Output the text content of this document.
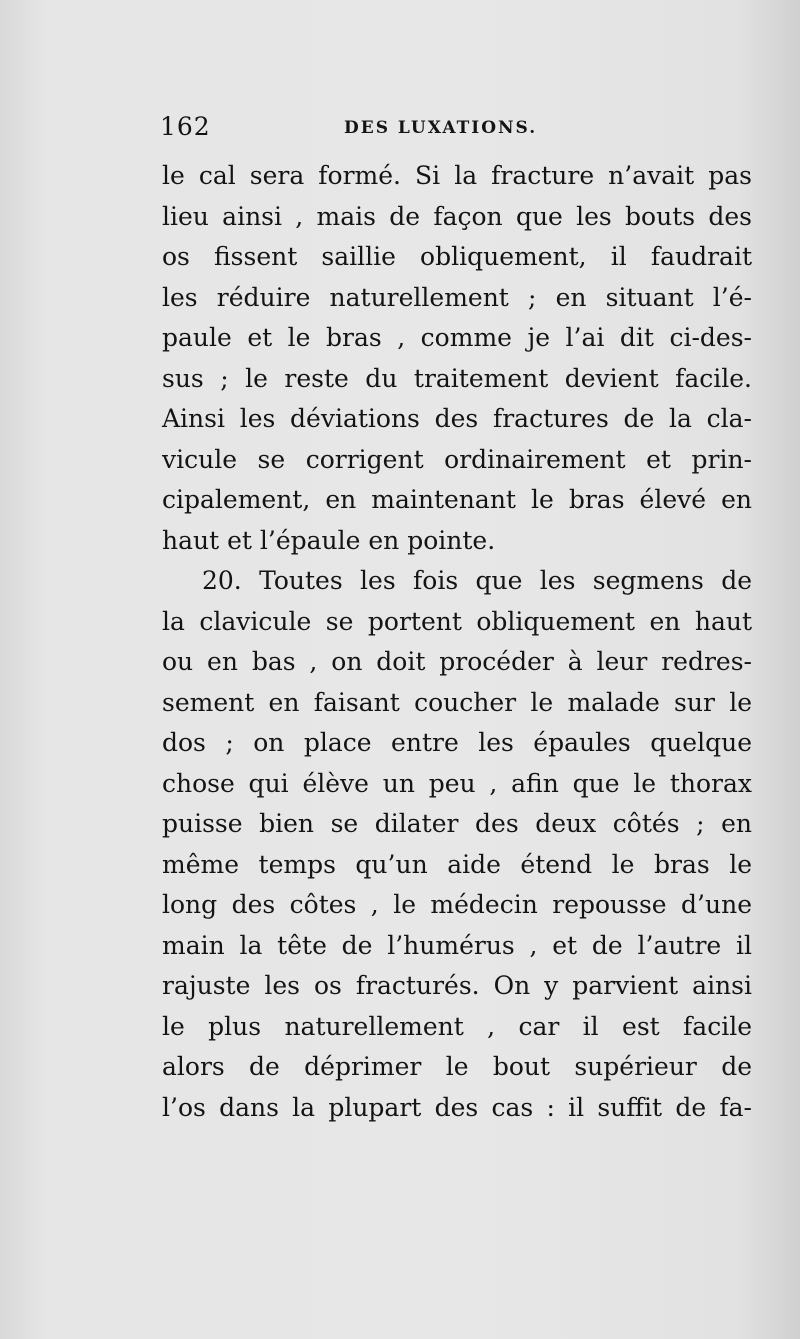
162	DES LUXATIONS.
le cal sera formé. Si la fracture n’avait pas
lieu ainsi , mais de façon que les bouts des
os fissent saillie obliquement, il faudrait
les réduire naturellement ; en situant l’é-
paule et le bras , comme je l’ai dit ci-des-
sus ; le reste du traitement devient facile.
Ainsi les déviations des fractures de la cla-
vicule se corrigent ordinairement et prin-
cipalement, en maintenant le bras élevé en
haut et l’épaule en pointe.
20. Toutes les fois que les segmens de
la clavicule se portent obliquement en haut
ou en bas , on doit procéder à leur redres-
sement en faisant coucher le malade sur le
dos ; on place entre les épaules quelque
chose qui élève un peu , afin que le thorax
puisse bien se dilater des deux côtés ; en
même temps qu’un aide étend le bras le
long des côtes , le médecin repousse d’une
main la tête de l’humérus , et de l’autre il
rajuste les os fracturés. On y parvient ainsi
le plus naturellement , car il est facile
alors de déprimer le bout supérieur de
l’os dans la plupart des cas : il suffit de fa-
